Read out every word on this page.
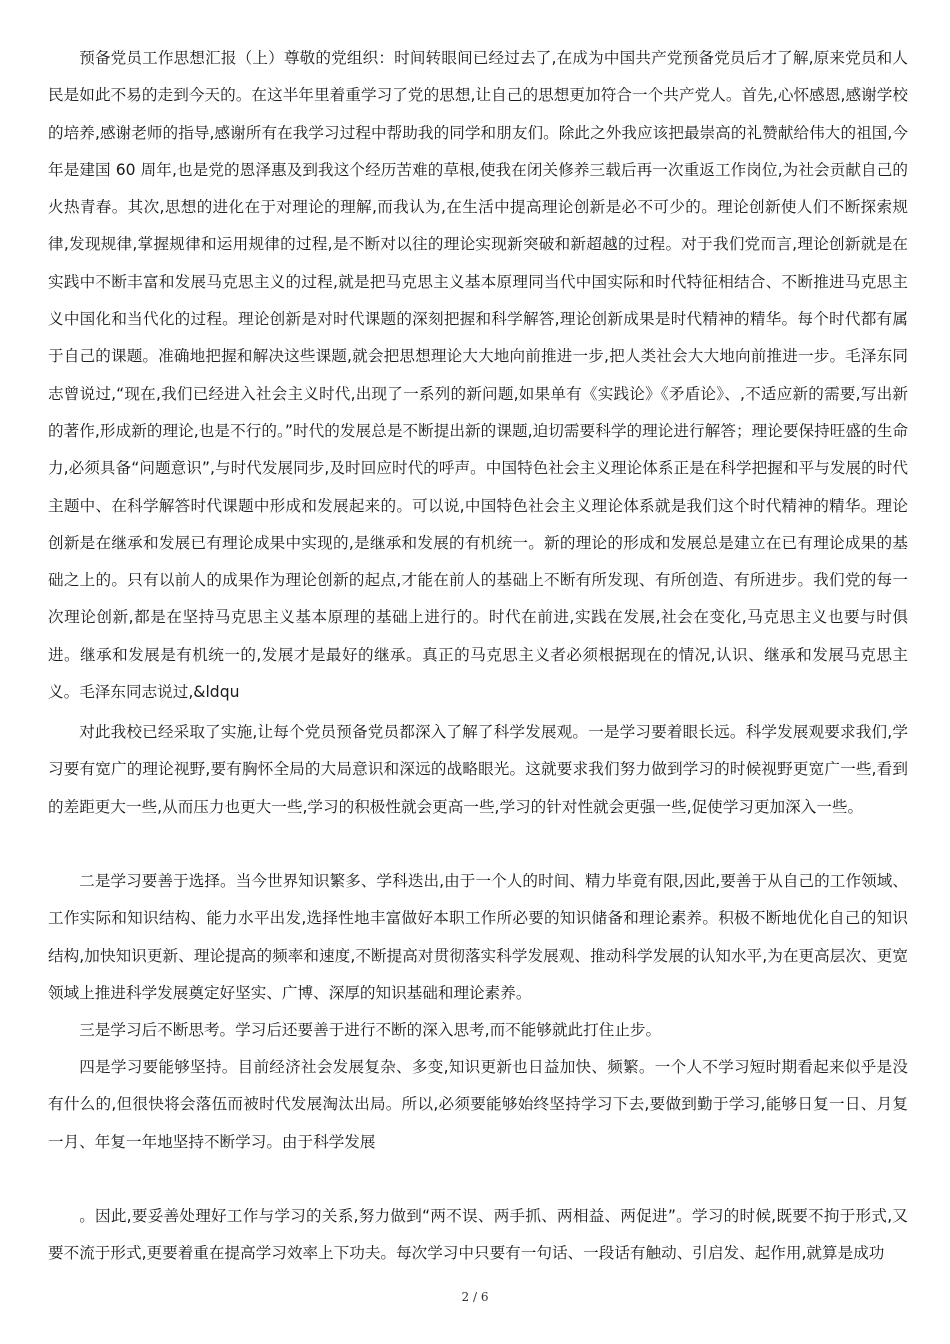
预备党员工作思想汇报（上）尊敬的党组织：时间转眼间已经过去了,在成为中国共产党预备党员后才了解,原来党员和人民是如此不易的走到今天的。在这半年里着重学习了党的思想,让自己的思想更加符合一个共产党人。首先,心怀感恩,感谢学校的培养,感谢老师的指导,感谢所有在我学习过程中帮助我的同学和朋友们。除此之外我应该把最崇高的礼赞献给伟大的祖国,今年是建国 60 周年,也是党的恩泽惠及到我这个经历苦难的草根,使我在闭关修养三载后再一次重返工作岗位,为社会贡献自己的火热青春。其次,思想的进化在于对理论的理解,而我认为,在生活中提高理论创新是必不可少的。理论创新使人们不断探索规律,发现规律,掌握规律和运用规律的过程,是不断对以往的理论实现新突破和新超越的过程。对于我们党而言,理论创新就是在实践中不断丰富和发展马克思主义的过程,就是把马克思主义基本原理同当代中国实际和时代特征相结合、不断推进马克思主义中国化和当代化的过程。理论创新是对时代课题的深刻把握和科学解答,理论创新成果是时代精神的精华。每个时代都有属于自己的课题。准确地把握和解决这些课题,就会把思想理论大大地向前推进一步,把人类社会大大地向前推进一步。毛泽东同志曾说过,“现在,我们已经进入社会主义时代,出现了一系列的新问题,如果单有《实践论》《矛盾论》、,不适应新的需要,写出新的著作,形成新的理论,也是不行的。”时代的发展总是不断提出新的课题,迫切需要科学的理论进行解答；理论要保持旺盛的生命力,必须具备“问题意识”,与时代发展同步,及时回应时代的呼声。中国特色社会主义理论体系正是在科学把握和平与发展的时代主题中、在科学解答时代课题中形成和发展起来的。可以说,中国特色社会主义理论体系就是我们这个时代精神的精华。理论创新是在继承和发展已有理论成果中实现的,是继承和发展的有机统一。新的理论的形成和发展总是建立在已有理论成果的基础之上的。只有以前人的成果作为理论创新的起点,才能在前人的基础上不断有所发现、有所创造、有所进步。我们党的每一次理论创新,都是在坚持马克思主义基本原理的基础上进行的。时代在前进,实践在发展,社会在变化,马克思主义也要与时俱进。继承和发展是有机统一的,发展才是最好的继承。真正的马克思主义者必须根据现在的情况,认识、继承和发展马克思主义。毛泽东同志说过,&ldqu

对此我校已经采取了实施,让每个党员预备党员都深入了解了科学发展观。一是学习要着眼长远。科学发展观要求我们,学习要有宽广的理论视野,要有胸怀全局的大局意识和深远的战略眼光。这就要求我们努力做到学习的时候视野更宽广一些,看到的差距更大一些,从而压力也更大一些,学习的积极性就会更高一些,学习的针对性就会更强一些,促使学习更加深入一些。

二是学习要善于选择。当今世界知识繁多、学科迭出,由于一个人的时间、精力毕竟有限,因此,要善于从自己的工作领域、工作实际和知识结构、能力水平出发,选择性地丰富做好本职工作所必要的知识储备和理论素养。积极不断地优化自己的知识结构,加快知识更新、理论提高的频率和速度,不断提高对贯彻落实科学发展观、推动科学发展的认知水平,为在更高层次、更宽领域上推进科学发展奠定好坚实、广博、深厚的知识基础和理论素养。

三是学习后不断思考。学习后还要善于进行不断的深入思考,而不能够就此打住止步。

四是学习要能够坚持。目前经济社会发展复杂、多变,知识更新也日益加快、频繁。一个人不学习短时期看起来似乎是没有什么的,但很快将会落伍而被时代发展淘汰出局。所以,必须要能够始终坚持学习下去,要做到勤于学习,能够日复一日、月复一月、年复一年地坚持不断学习。由于科学发展

。因此,要妥善处理好工作与学习的关系,努力做到“两不误、两手抓、两相益、两促进”。学习的时候,既要不拘于形式,又要不流于形式,更要着重在提高学习效率上下功夫。每次学习中只要有一句话、一段话有触动、引启发、起作用,就算是成功

2 / 6
